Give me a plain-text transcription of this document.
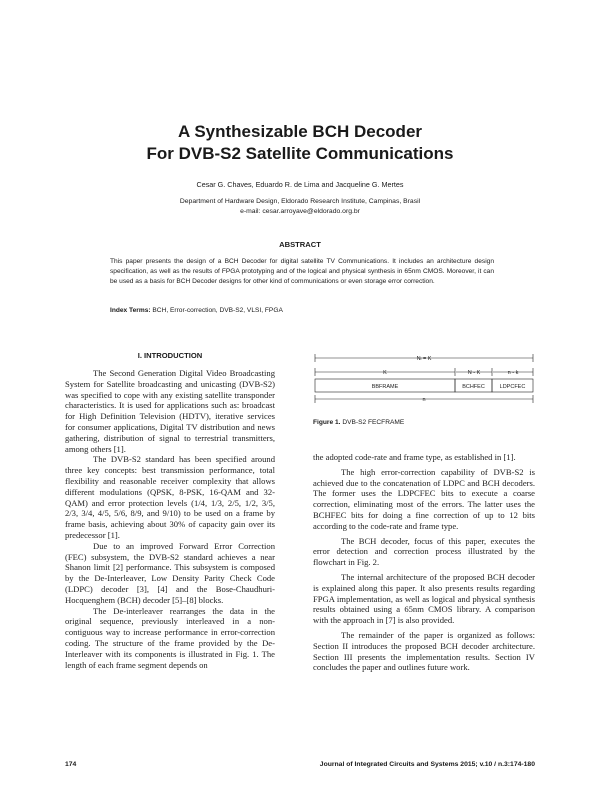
A Synthesizable BCH Decoder
For DVB-S2 Satellite Communications
Cesar G. Chaves, Eduardo R. de Lima and Jacqueline G. Mertes
Department of Hardware Design, Eldorado Research Institute, Campinas, Brasil
e-mail: cesar.arroyave@eldorado.org.br
ABSTRACT
This paper presents the design of a BCH Decoder for digital satellite TV Communications. It includes an architecture design specification, as well as the results of FPGA prototyping and of the logical and physical synthesis in 65nm CMOS. Moreover, it can be used as a basis for BCH Decoder designs for other kind of communications or even storage error correction.
Index Terms: BCH, Error-correction, DVB-S2, VLSI, FPGA
I. INTRODUCTION

The Second Generation Digital Video Broadcasting System for Satellite broadcasting and unicasting (DVB-S2) was specified to cope with any existing satellite transponder characteristics. It is used for applications such as: broadcast for High Definition Television (HDTV), iterative services for consumer applications, Digital TV distribution and news gathering, distribution of signal to terrestrial transmitters, among others [1].

The DVB-S2 standard has been specified around three key concepts: best transmission performance, total flexibility and reasonable receiver complexity that allows different modulations (QPSK, 8-PSK, 16-QAM and 32-QAM) and error protection levels (1/4, 1/3, 2/5, 1/2, 3/5, 2/3, 3/4, 4/5, 5/6, 8/9, and 9/10) to be used on a frame by frame basis, achieving about 30% of capacity gain over its predecessor [1].

Due to an improved Forward Error Correction (FEC) subsystem, the DVB-S2 standard achieves a near Shanon limit [2] performance. This subsystem is composed by the De-Interleaver, Low Density Parity Check Code (LDPC) decoder [3], [4] and the Bose-Chaudhuri-Hocquenghem (BCH) decoder [5]–[8] blocks.

The De-interleaver rearranges the data in the original sequence, previously interleaved in a non-contiguous way to increase performance in error-correction coding. The structure of the frame provided by the De-Interleaver with its components is illustrated in Fig. 1. The length of each frame segment depends on

Nₗ = K
K	N - K	n - k
BBFRAME	BCHFEC	LDPCFEC
n
Figure 1. DVB-S2 FECFRAME

the adopted code-rate and frame type, as established in [1].

The high error-correction capability of DVB-S2 is achieved due to the concatenation of LDPC and BCH decoders. The former uses the LDPCFEC bits to execute a coarse correction, eliminating most of the errors. The latter uses the BCHFEC bits for doing a fine correction of up to 12 bits according to the code-rate and frame type.

The BCH decoder, focus of this paper, executes the error detection and correction process illustrated by the flowchart in Fig. 2.

The internal architecture of the proposed BCH decoder is explained along this paper. It also presents results regarding FPGA implementation, as well as logical and physical synthesis results obtained using a 65nm CMOS library. A comparison with the approach in [7] is also provided.

The remainder of the paper is organized as follows: Section II introduces the proposed BCH decoder architecture. Section III presents the implementation results. Section IV concludes the paper and outlines future work.

174	Journal of Integrated Circuits and Systems 2015; v.10 / n.3:174-180
